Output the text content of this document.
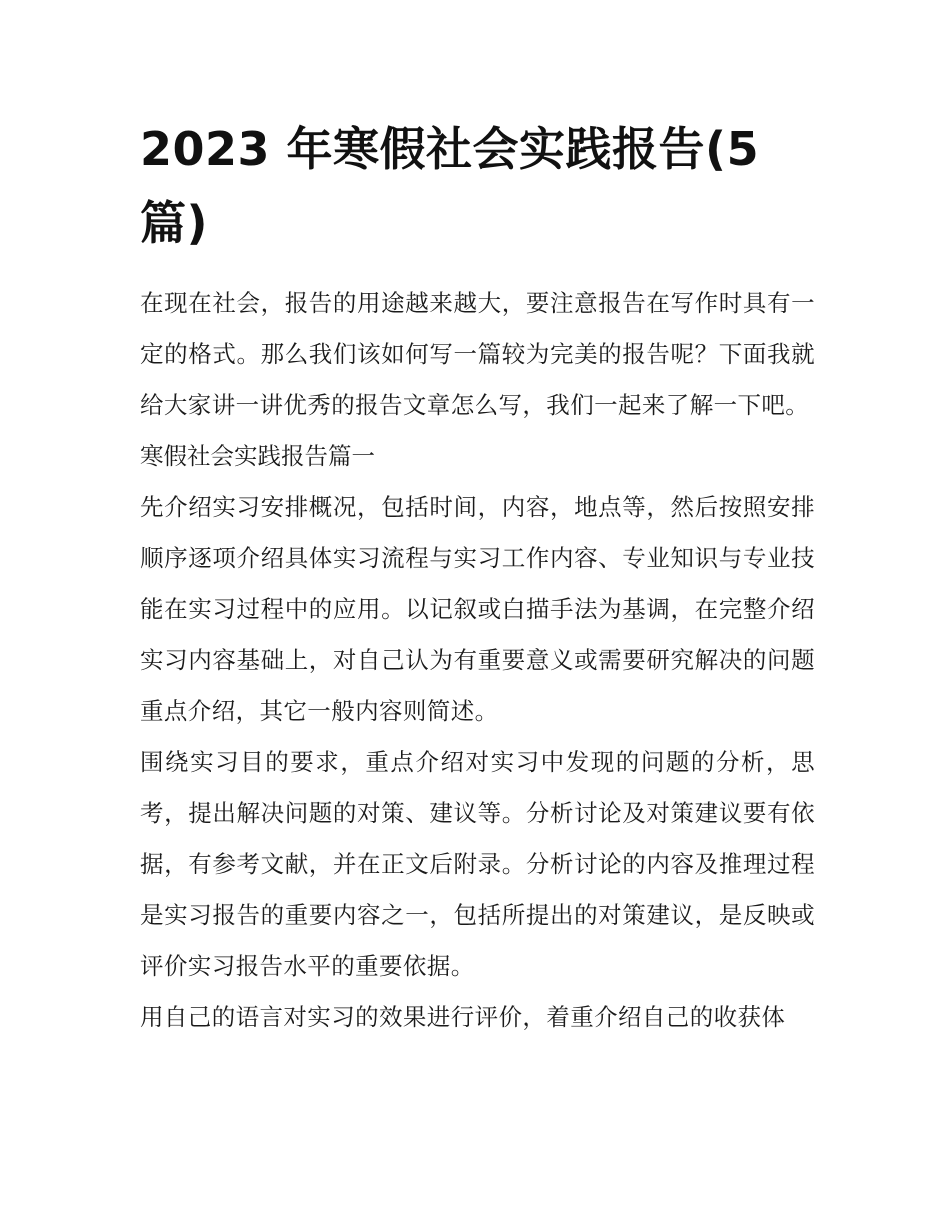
2023 年寒假社会实践报告(5篇)

在现在社会，报告的用途越来越大，要注意报告在写作时具有一定的格式。那么我们该如何写一篇较为完美的报告呢？下面我就给大家讲一讲优秀的报告文章怎么写，我们一起来了解一下吧。

寒假社会实践报告篇一

先介绍实习安排概况，包括时间，内容，地点等，然后按照安排顺序逐项介绍具体实习流程与实习工作内容、专业知识与专业技能在实习过程中的应用。以记叙或白描手法为基调，在完整介绍实习内容基础上，对自己认为有重要意义或需要研究解决的问题重点介绍，其它一般内容则简述。

围绕实习目的要求，重点介绍对实习中发现的问题的分析，思考，提出解决问题的对策、建议等。分析讨论及对策建议要有依据，有参考文献，并在正文后附录。分析讨论的内容及推理过程是实习报告的重要内容之一，包括所提出的对策建议，是反映或评价实习报告水平的重要依据。

用自己的语言对实习的效果进行评价，着重介绍自己的收获体
